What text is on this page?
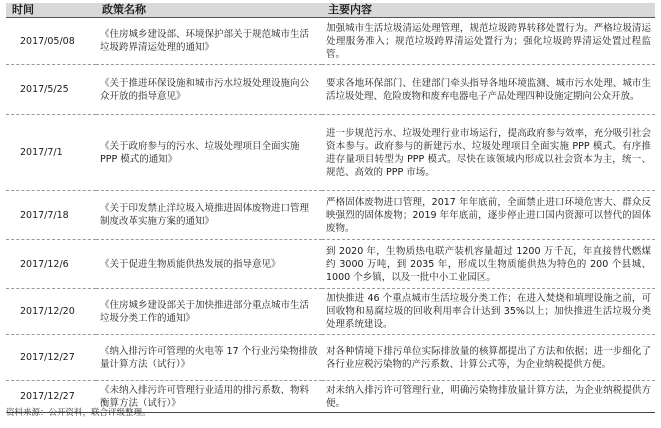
时间	政策名称	主要内容
2017/05/08	《住房城乡建设部、环境保护部关于规范城市生活垃圾跨界清运处理的通知》	加强城市生活垃圾清运处理管理，规范垃圾跨界转移处置行为。严格垃圾清运处理服务准入；规范垃圾跨界清运处置行为；强化垃圾跨界清运处置过程监管。
2017/5/25	《关于推进环保设施和城市污水垃圾处理设施向公众开放的指导意见》	要求各地环保部门、住建部门牵头指导各地环境监测、城市污水处理、城市生活垃圾处理、危险废物和废弃电器电子产品处理四种设施定期向公众开放。
2017/7/1	《关于政府参与的污水、垃圾处理项目全面实施 PPP 模式的通知》	进一步规范污水、垃圾处理行业市场运行，提高政府参与效率，充分吸引社会资本参与。政府参与的新建污水、垃圾处理项目全面实施 PPP 模式。有序推进存量项目转型为 PPP 模式。尽快在该领域内形成以社会资本为主，统一、规范、高效的 PPP 市场。
2017/7/18	《关于印发禁止洋垃圾入境推进固体废物进口管理制度改革实施方案的通知》	严格固体废物进口管理，2017 年年底前，全面禁止进口环境危害大、群众反映强烈的固体废物；2019 年年底前，逐步停止进口国内资源可以替代的固体废物。
2017/12/6	《关于促进生物质能供热发展的指导意见》	到 2020 年，生物质热电联产装机容量超过 1200 万千瓦，年直接替代燃煤约 3000 万吨，到 2035 年，形成以生物质能供热为特色的 200 个县城、1000 个乡镇，以及一批中小工业园区。
2017/12/20	《住房城乡建设部关于加快推进部分重点城市生活垃圾分类工作的通知》	加快推进 46 个重点城市生活垃圾分类工作；在进入焚烧和填埋设施之前，可回收物和易腐垃圾的回收利用率合计达到 35%以上；加快推进生活垃圾分类处理系统建设。
2017/12/27	《纳入排污许可管理的火电等 17 个行业污染物排放量计算方法（试行）》	对各种情境下排污单位实际排放量的核算都提出了方法和依据；进一步细化了各行业应税污染物的产污系数、计算公式等，为企业纳税提供方便。
2017/12/27	《未纳入排污许可管理行业适用的排污系数、物料衡算方法（试行）》	对未纳入排污许可管理行业，明确污染物排放量计算方法，为企业纳税提供方便。
资料来源：公开资料，联合评级整理。
